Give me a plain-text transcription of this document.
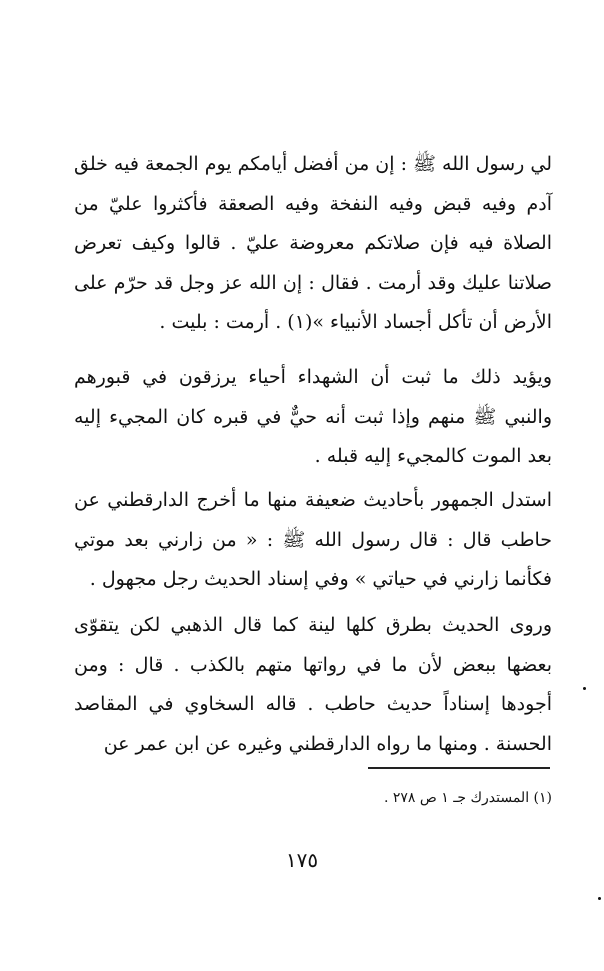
لي رسول الله ﷺ : إن من أفضل أيامكم يوم الجمعة فيه خلق آدم وفيه قبض وفيه النفخة وفيه الصعقة فأكثروا عليّ من الصلاة فيه فإن صلاتكم معروضة عليّ . قالوا وكيف تعرض صلاتنا عليك وقد أرمت . فقال : إن الله عز وجل قد حرّم على الأرض أن تأكل أجساد الأنبياء »(١) . أرمت : بليت .

ويؤيد ذلك ما ثبت أن الشهداء أحياء يرزقون في قبورهم والنبي ﷺ منهم وإذا ثبت أنه حيٌّ في قبره كان المجيء إليه بعد الموت كالمجيء إليه قبله .

استدل الجمهور بأحاديث ضعيفة منها ما أخرج الدارقطني عن حاطب قال : قال رسول الله ﷺ : « من زارني بعد موتي فكأنما زارني في حياتي » وفي إسناد الحديث رجل مجهول .

وروى الحديث بطرق كلها لينة كما قال الذهبي لكن يتقوّى بعضها ببعض لأن ما في رواتها متهم بالكذب . قال : ومن أجودها إسناداً حديث حاطب . قاله السخاوي في المقاصد الحسنة . ومنها ما رواه الدارقطني وغيره عن ابن عمر عن

(١) المستدرك جـ ١ ص ٢٧٨ .
١٧٥
